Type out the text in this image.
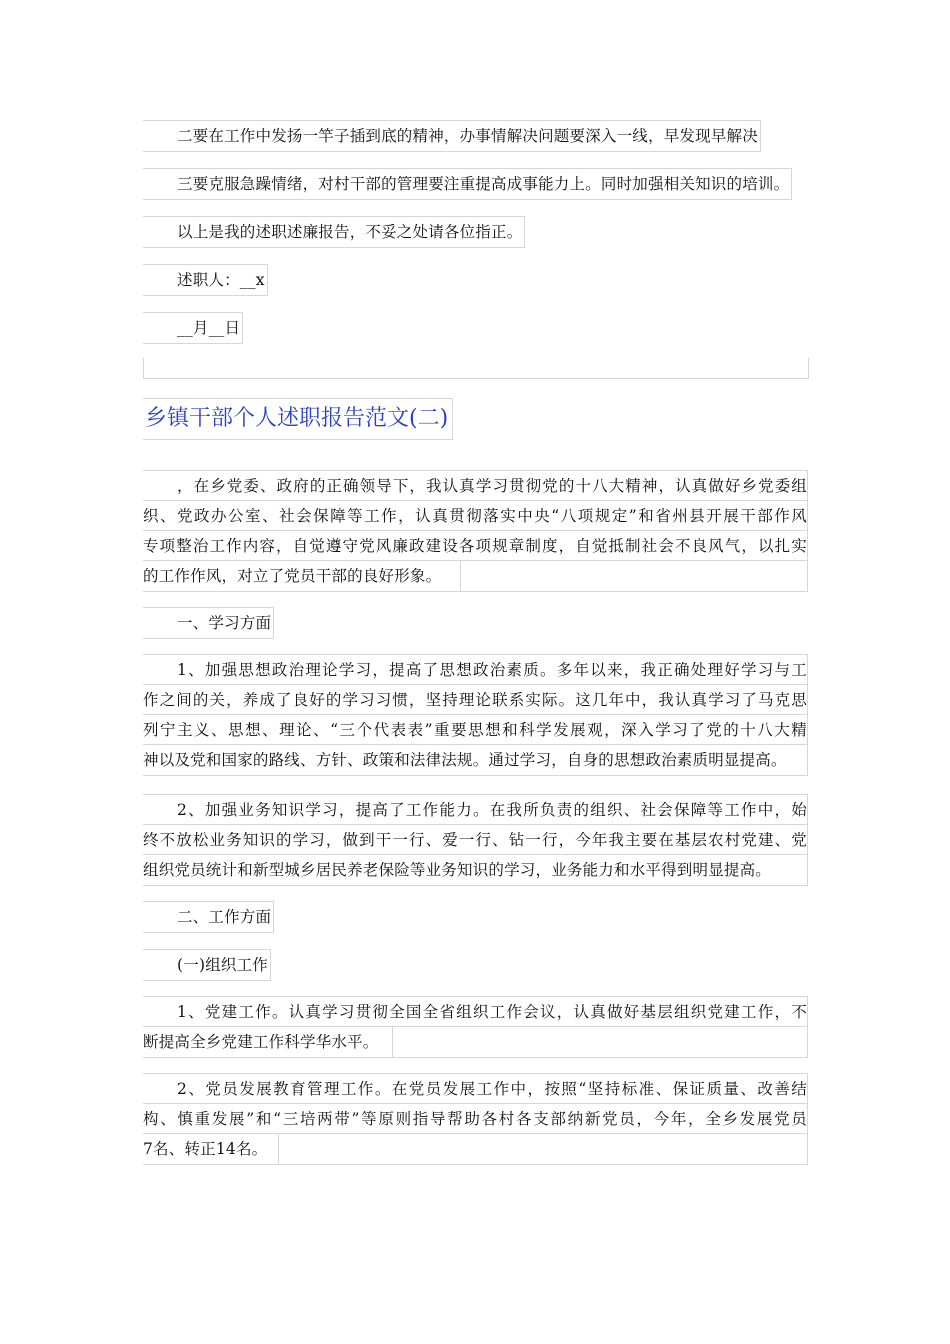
二要在工作中发扬一竿子插到底的精神，办事情解决问题要深入一线，早发现早解决
三要克服急躁情绪，对村干部的管理要注重提高成事能力上。同时加强相关知识的培训。
以上是我的述职述廉报告，不妥之处请各位指正。
述职人：__x
__月__日
乡镇干部个人述职报告范文(二)
，在乡党委、政府的正确领导下，我认真学习贯彻党的十八大精神，认真做好乡党委组
织、党政办公室、社会保障等工作，认真贯彻落实中央“八项规定”和省州县开展干部作风
专项整治工作内容，自觉遵守党风廉政建设各项规章制度，自觉抵制社会不良风气，以扎实
的工作作风，对立了党员干部的良好形象。
一、学习方面
1、加强思想政治理论学习，提高了思想政治素质。多年以来，我正确处理好学习与工
作之间的关，养成了良好的学习习惯，坚持理论联系实际。这几年中，我认真学习了马克思
列宁主义、思想、理论、“三个代表表”重要思想和科学发展观，深入学习了党的十八大精
神以及党和国家的路线、方针、政策和法律法规。通过学习，自身的思想政治素质明显提高。
2、加强业务知识学习，提高了工作能力。在我所负责的组织、社会保障等工作中，始
终不放松业务知识的学习，做到干一行、爱一行、钻一行，今年我主要在基层农村党建、党
组织党员统计和新型城乡居民养老保险等业务知识的学习，业务能力和水平得到明显提高。
二、工作方面
(一)组织工作
1、党建工作。认真学习贯彻全国全省组织工作会议，认真做好基层组织党建工作，不
断提高全乡党建工作科学华水平。
2、党员发展教育管理工作。在党员发展工作中，按照“坚持标准、保证质量、改善结
构、慎重发展”和“三培两带”等原则指导帮助各村各支部纳新党员，今年，全乡发展党员
7名、转正14名。
